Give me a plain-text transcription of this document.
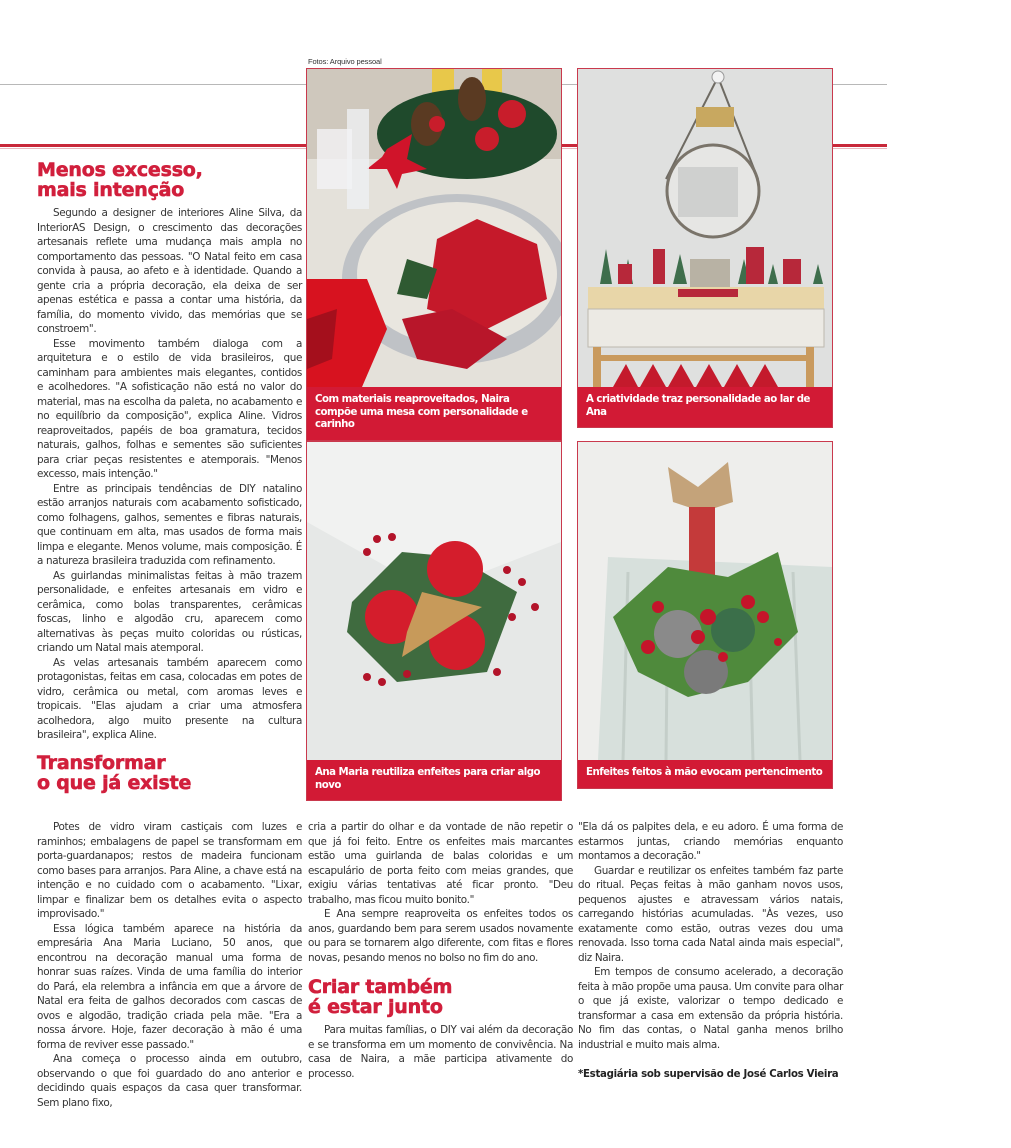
Fotos: Arquivo pessoal
Menos excesso,
mais intenção

Segundo a designer de interiores Aline Silva, da InteriorAS Design, o crescimento das decorações artesanais reflete uma mudança mais ampla no comportamento das pessoas. "O Natal feito em casa convida à pausa, ao afeto e à identidade. Quando a gente cria a própria decoração, ela deixa de ser apenas estética e passa a contar uma história, da família, do momento vivido, das memórias que se constroem".

Esse movimento também dialoga com a arquitetura e o estilo de vida brasileiros, que caminham para ambientes mais elegantes, contidos e acolhedores. "A sofisticação não está no valor do material, mas na escolha da paleta, no acabamento e no equilíbrio da composição", explica Aline. Vidros reaproveitados, papéis de boa gramatura, tecidos naturais, galhos, folhas e sementes são suficientes para criar peças resistentes e atemporais. "Menos excesso, mais intenção."

Entre as principais tendências de DIY natalino estão arranjos naturais com acabamento sofisticado, como folhagens, galhos, sementes e fibras naturais, que continuam em alta, mas usados de forma mais limpa e elegante. Menos volume, mais composição. É a natureza brasileira traduzida com refinamento.

As guirlandas minimalistas feitas à mão trazem personalidade, e enfeites artesanais em vidro e cerâmica, como bolas transparentes, cerâmicas foscas, linho e algodão cru, aparecem como alternativas às peças muito coloridas ou rústicas, criando um Natal mais atemporal.

As velas artesanais também aparecem como protagonistas, feitas em casa, colocadas em potes de vidro, cerâmica ou metal, com aromas leves e tropicais. "Elas ajudam a criar uma atmosfera acolhedora, algo muito presente na cultura brasileira", explica Aline.

Transformar
o que já existe

Potes de vidro viram castiçais com luzes e raminhos; embalagens de papel se transformam em porta-guardanapos; restos de madeira funcionam como bases para arranjos. Para Aline, a chave está na intenção e no cuidado com o acabamento. "Lixar, limpar e finalizar bem os detalhes evita o aspecto improvisado."

Essa lógica também aparece na história da empresária Ana Maria Luciano, 50 anos, que encontrou na decoração manual uma forma de honrar suas raízes. Vinda de uma família do interior do Pará, ela relembra a infância em que a árvore de Natal era feita de galhos decorados com cascas de ovos e algodão, tradição criada pela mãe. "Era a nossa árvore. Hoje, fazer decoração à mão é uma forma de reviver esse passado."

Ana começa o processo ainda em outubro, observando o que foi guardado do ano anterior e decidindo quais espaços da casa quer transformar. Sem plano fixo,

cria a partir do olhar e da vontade de não repetir o que já foi feito. Entre os enfeites mais marcantes estão uma guirlanda de balas coloridas e um escapulário de porta feito com meias grandes, que exigiu várias tentativas até ficar pronto. "Deu trabalho, mas ficou muito bonito."

E Ana sempre reaproveita os enfeites todos os anos, guardando bem para serem usados novamente ou para se tornarem algo diferente, com fitas e flores novas, pesando menos no bolso no fim do ano.

Criar também
é estar junto

Para muitas famílias, o DIY vai além da decoração e se transforma em um momento de convivência. Na casa de Naira, a mãe participa ativamente do processo.

"Ela dá os palpites dela, e eu adoro. É uma forma de estarmos juntas, criando memórias enquanto montamos a decoração."

Guardar e reutilizar os enfeites também faz parte do ritual. Peças feitas à mão ganham novos usos, pequenos ajustes e atravessam vários natais, carregando histórias acumuladas. "Às vezes, uso exatamente como estão, outras vezes dou uma renovada. Isso torna cada Natal ainda mais especial", diz Naira.

Em tempos de consumo acelerado, a decoração feita à mão propõe uma pausa. Um convite para olhar o que já existe, valorizar o tempo dedicado e transformar a casa em extensão da própria história. No fim das contas, o Natal ganha menos brilho industrial e muito mais alma.

*Estagiária sob supervisão de José Carlos Vieira

Com materiais reaproveitados, Naira compõe uma mesa com personalidade e carinho
A criatividade traz personalidade ao lar de Ana
Ana Maria reutiliza enfeites para criar algo novo
Enfeites feitos à mão evocam pertencimento
